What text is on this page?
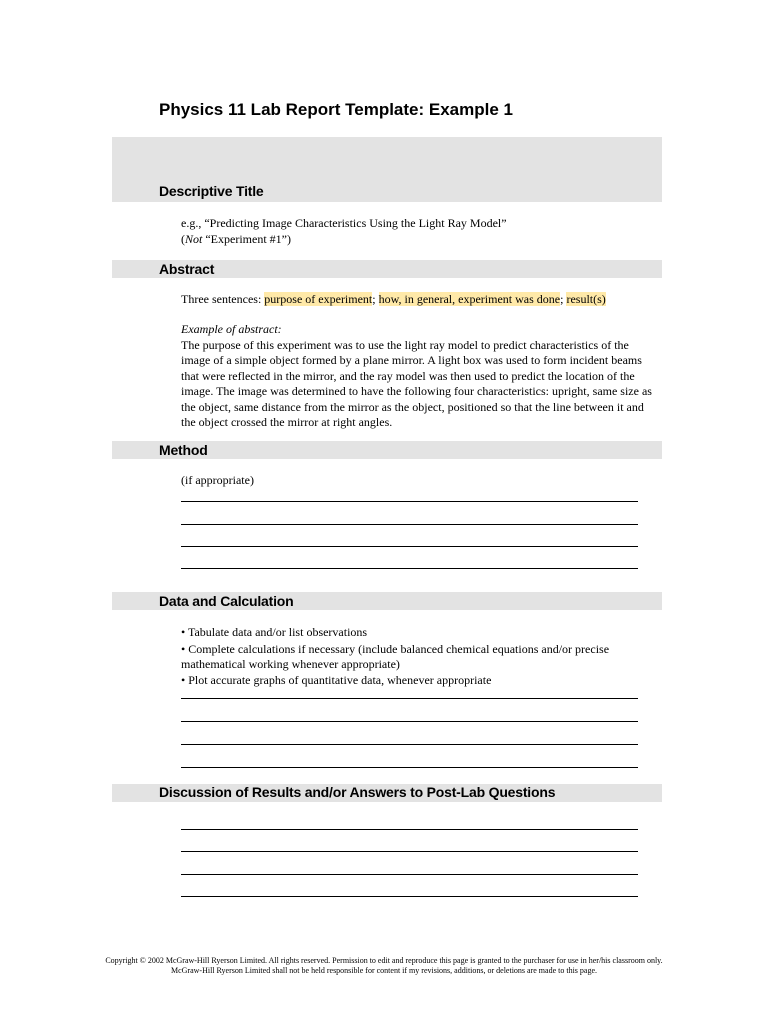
Physics 11 Lab Report Template: Example 1
Descriptive Title

e.g., “Predicting Image Characteristics Using the Light Ray Model”

(Not “Experiment #1”)

Abstract

Three sentences: purpose of experiment; how, in general, experiment was done; result(s)

Example of abstract:

The purpose of this experiment was to use the light ray model to predict characteristics of the image of a simple object formed by a plane mirror. A light box was used to form incident beams that were reflected in the mirror, and the ray model was then used to predict the location of the image. The image was determined to have the following four characteristics: upright, same size as the object, same distance from the mirror as the object, positioned so that the line between it and the object crossed the mirror at right angles.

Method
(if appropriate)
Data and Calculation

• Tabulate data and/or list observations

• Complete calculations if necessary (include balanced chemical equations and/or precise mathematical working whenever appropriate)

• Plot accurate graphs of quantitative data, whenever appropriate

Discussion of Results and/or Answers to Post-Lab Questions
Copyright © 2002 McGraw-Hill Ryerson Limited. All rights reserved. Permission to edit and reproduce this page is granted to the purchaser for use in her/his classroom only. McGraw-Hill Ryerson Limited shall not be held responsible for content if my revisions, additions, or deletions are made to this page.
